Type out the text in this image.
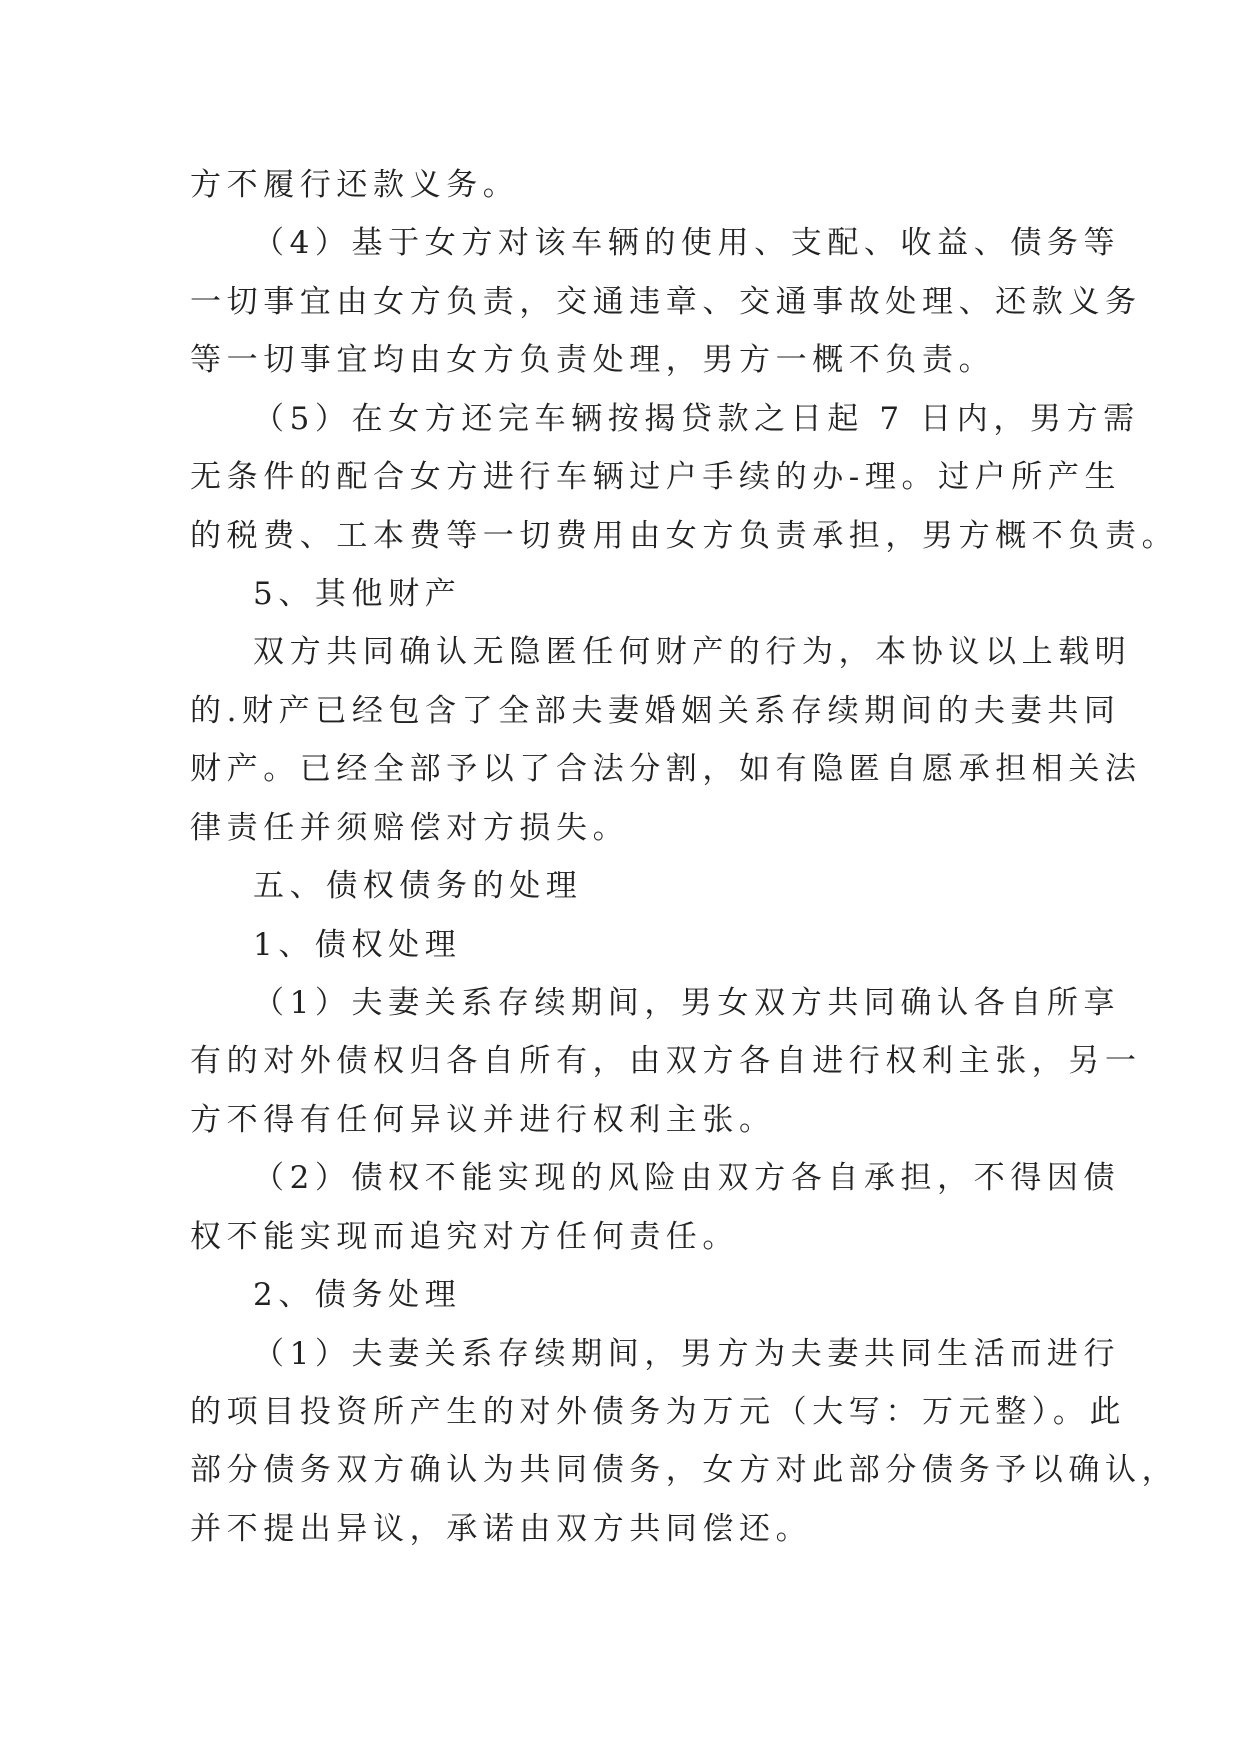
方不履行还款义务。
（4）基于女方对该车辆的使用、支配、收益、债务等
一切事宜由女方负责，交通违章、交通事故处理、还款义务
等一切事宜均由女方负责处理，男方一概不负责。
（5）在女方还完车辆按揭贷款之日起 7 日内，男方需
无条件的配合女方进行车辆过户手续的办-理。过户所产生
的税费、工本费等一切费用由女方负责承担，男方概不负责。
5、其他财产
双方共同确认无隐匿任何财产的行为，本协议以上载明
的.财产已经包含了全部夫妻婚姻关系存续期间的夫妻共同
财产。已经全部予以了合法分割，如有隐匿自愿承担相关法
律责任并须赔偿对方损失。
五、债权债务的处理
1、债权处理
（1）夫妻关系存续期间，男女双方共同确认各自所享
有的对外债权归各自所有，由双方各自进行权利主张，另一
方不得有任何异议并进行权利主张。
（2）债权不能实现的风险由双方各自承担，不得因债
权不能实现而追究对方任何责任。
2、债务处理
（1）夫妻关系存续期间，男方为夫妻共同生活而进行
的项目投资所产生的对外债务为万元（大写：万元整）。此
部分债务双方确认为共同债务，女方对此部分债务予以确认，
并不提出异议，承诺由双方共同偿还。
